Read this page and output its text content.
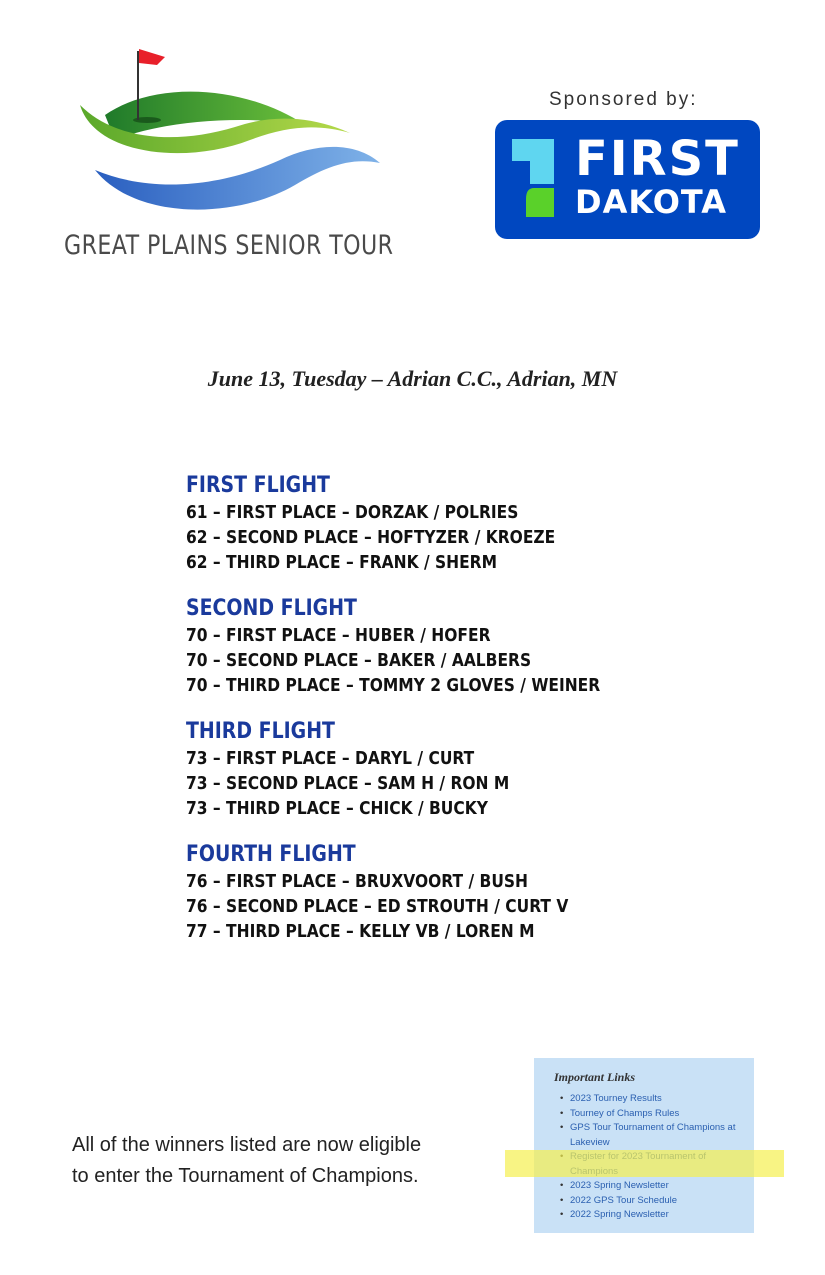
GREAT PLAINS SENIOR TOUR
Sponsored by:
FIRST
DAKOTA
June 13, Tuesday – Adrian C.C., Adrian, MN
FIRST FLIGHT
61 – FIRST PLACE – DORZAK / POLRIES
62 – SECOND PLACE – HOFTYZER / KROEZE
62 – THIRD PLACE – FRANK / SHERM
SECOND FLIGHT
70 – FIRST PLACE – HUBER / HOFER
70 – SECOND PLACE – BAKER / AALBERS
70 – THIRD PLACE – TOMMY 2 GLOVES / WEINER
THIRD FLIGHT
73 – FIRST PLACE – DARYL / CURT
73 – SECOND PLACE – SAM H / RON M
73 – THIRD PLACE – CHICK / BUCKY
FOURTH FLIGHT
76 – FIRST PLACE – BRUXVOORT / BUSH
76 – SECOND PLACE – ED STROUTH / CURT V
77 – THIRD PLACE – KELLY VB / LOREN M
All of the winners listed are now eligible
to enter the Tournament of Champions.
Important Links
• 2023 Tourney Results
• Tourney of Champs Rules
• GPS Tour Tournament of Champions at Lakeview
•
• 2023 Spring Newsletter
• 2022 GPS Tour Schedule
• 2022 Spring Newsletter
